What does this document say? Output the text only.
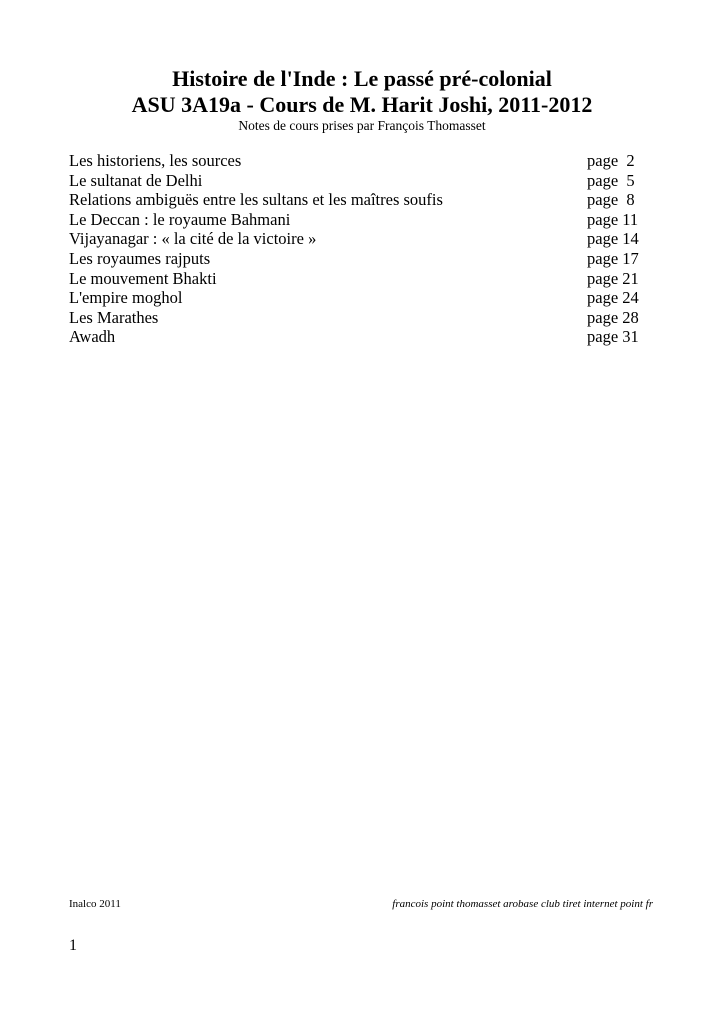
Histoire de l'Inde : Le passé pré-colonial

ASU 3A19a - Cours de M. Harit Joshi, 2011-2012

Notes de cours prises par François Thomasset

Les historiens, les sources	page  2
Le sultanat de Delhi	page  5
Relations ambiguës entre les sultans et les maîtres soufis	page  8
Le Deccan : le royaume Bahmani	page 11
Vijayanagar : « la cité de la victoire »	page 14
Les royaumes rajputs	page 17
Le mouvement Bhakti	page 21
L'empire moghol	page 24
Les Marathes	page 28
Awadh	page 31
Inalco 2011	francois point thomasset arobase club tiret internet point fr
1
